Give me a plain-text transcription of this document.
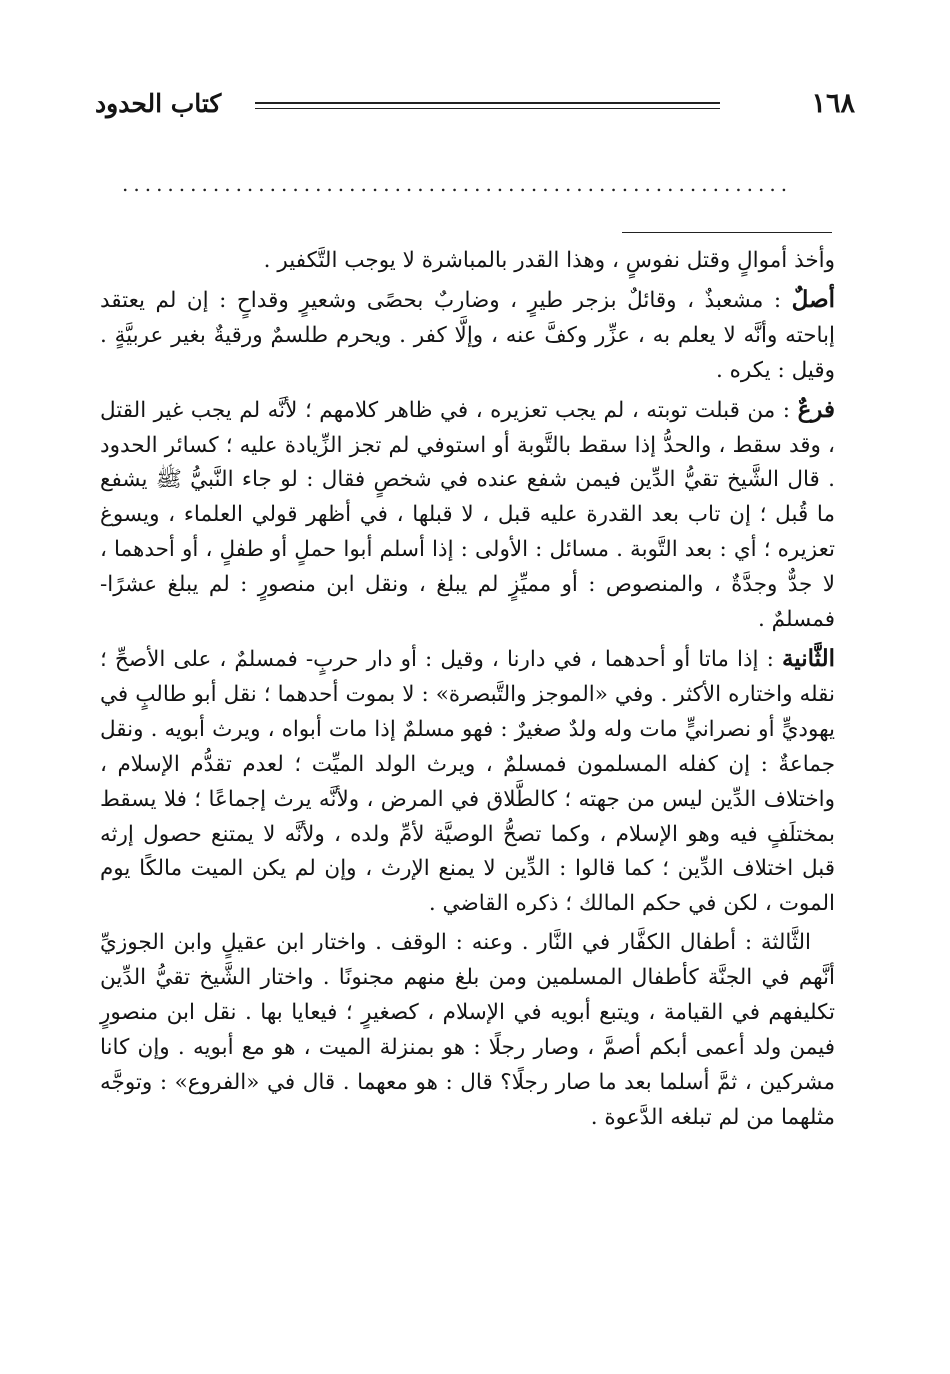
١٦٨
كتاب الحدود
.....

وأخذ أموالٍ وقتل نفوسٍ ، وهذا القدر بالمباشرة لا يوجب التَّكفير .

أصلٌ : مشعبذٌ ، وقائلٌ بزجر طيرٍ ، وضاربٌ بحصًى وشعيرٍ وقداحٍ : إن لم يعتقد إباحته وأنَّه لا يعلم به ، عزِّر وكفَّ عنه ، وإلَّا كفر . ويحرم طلسمٌ ورقيةٌ بغير عربيَّةٍ . وقيل : يكره .

فرعٌ : من قبلت توبته ، لم يجب تعزيره ، في ظاهر كلامهم ؛ لأنَّه لم يجب غير القتل ، وقد سقط ، والحدُّ إذا سقط بالتَّوبة أو استوفي لم تجز الزِّيادة عليه ؛ كسائر الحدود . قال الشَّيخ تقيُّ الدِّين فيمن شفع عنده في شخصٍ فقال : لو جاء النَّبيُّ ﷺ يشفع ما قُبل ؛ إن تاب بعد القدرة عليه قبل ، لا قبلها ، في أظهر قولي العلماء ، ويسوغ تعزيره ؛ أي : بعد التَّوبة . مسائل : الأولى : إذا أسلم أبوا حملٍ أو طفلٍ ، أو أحدهما ، لا جدٌّ وجدَّةٌ ، والمنصوص : أو مميِّزٍ لم يبلغ ، ونقل ابن منصورٍ : لم يبلغ عشرًا- فمسلمٌ .

الثَّانية : إذا ماتا أو أحدهما ، في دارنا ، وقيل : أو دار حربٍ- فمسلمٌ ، على الأصحِّ ؛ نقله واختاره الأكثر . وفي «الموجز والتَّبصرة» : لا بموت أحدهما ؛ نقل أبو طالبٍ في يهوديٍّ أو نصرانيٍّ مات وله ولدٌ صغيرٌ : فهو مسلمٌ إذا مات أبواه ، ويرث أبويه . ونقل جماعةٌ : إن كفله المسلمون فمسلمٌ ، ويرث الولد الميِّت ؛ لعدم تقدُّم الإسلام ، واختلاف الدِّين ليس من جهته ؛ كالطَّلاق في المرض ، ولأنَّه يرث إجماعًا ؛ فلا يسقط بمختلَفٍ فيه وهو الإسلام ، وكما تصحُّ الوصيَّة لأمِّ ولده ، ولأنَّه لا يمتنع حصول إرثه قبل اختلاف الدِّين ؛ كما قالوا : الدِّين لا يمنع الإرث ، وإن لم يكن الميت مالكًا يوم الموت ، لكن في حكم المالك ؛ ذكره القاضي .

الثَّالثة : أطفال الكفَّار في النَّار . وعنه : الوقف . واختار ابن عقيلٍ وابن الجوزيِّ أنَّهم في الجنَّة كأطفال المسلمين ومن بلغ منهم مجنونًا . واختار الشَّيخ تقيُّ الدِّين تكليفهم في القيامة ، ويتبع أبويه في الإسلام ، كصغيرٍ ؛ فيعايا بها . نقل ابن منصورٍ فيمن ولد أعمى أبكم أصمَّ ، وصار رجلًا : هو بمنزلة الميت ، هو مع أبويه . وإن كانا مشركين ، ثمَّ أسلما بعد ما صار رجلًا؟ قال : هو معهما . قال في «الفروع» : وتوجَّه مثلهما من لم تبلغه الدَّعوة .
